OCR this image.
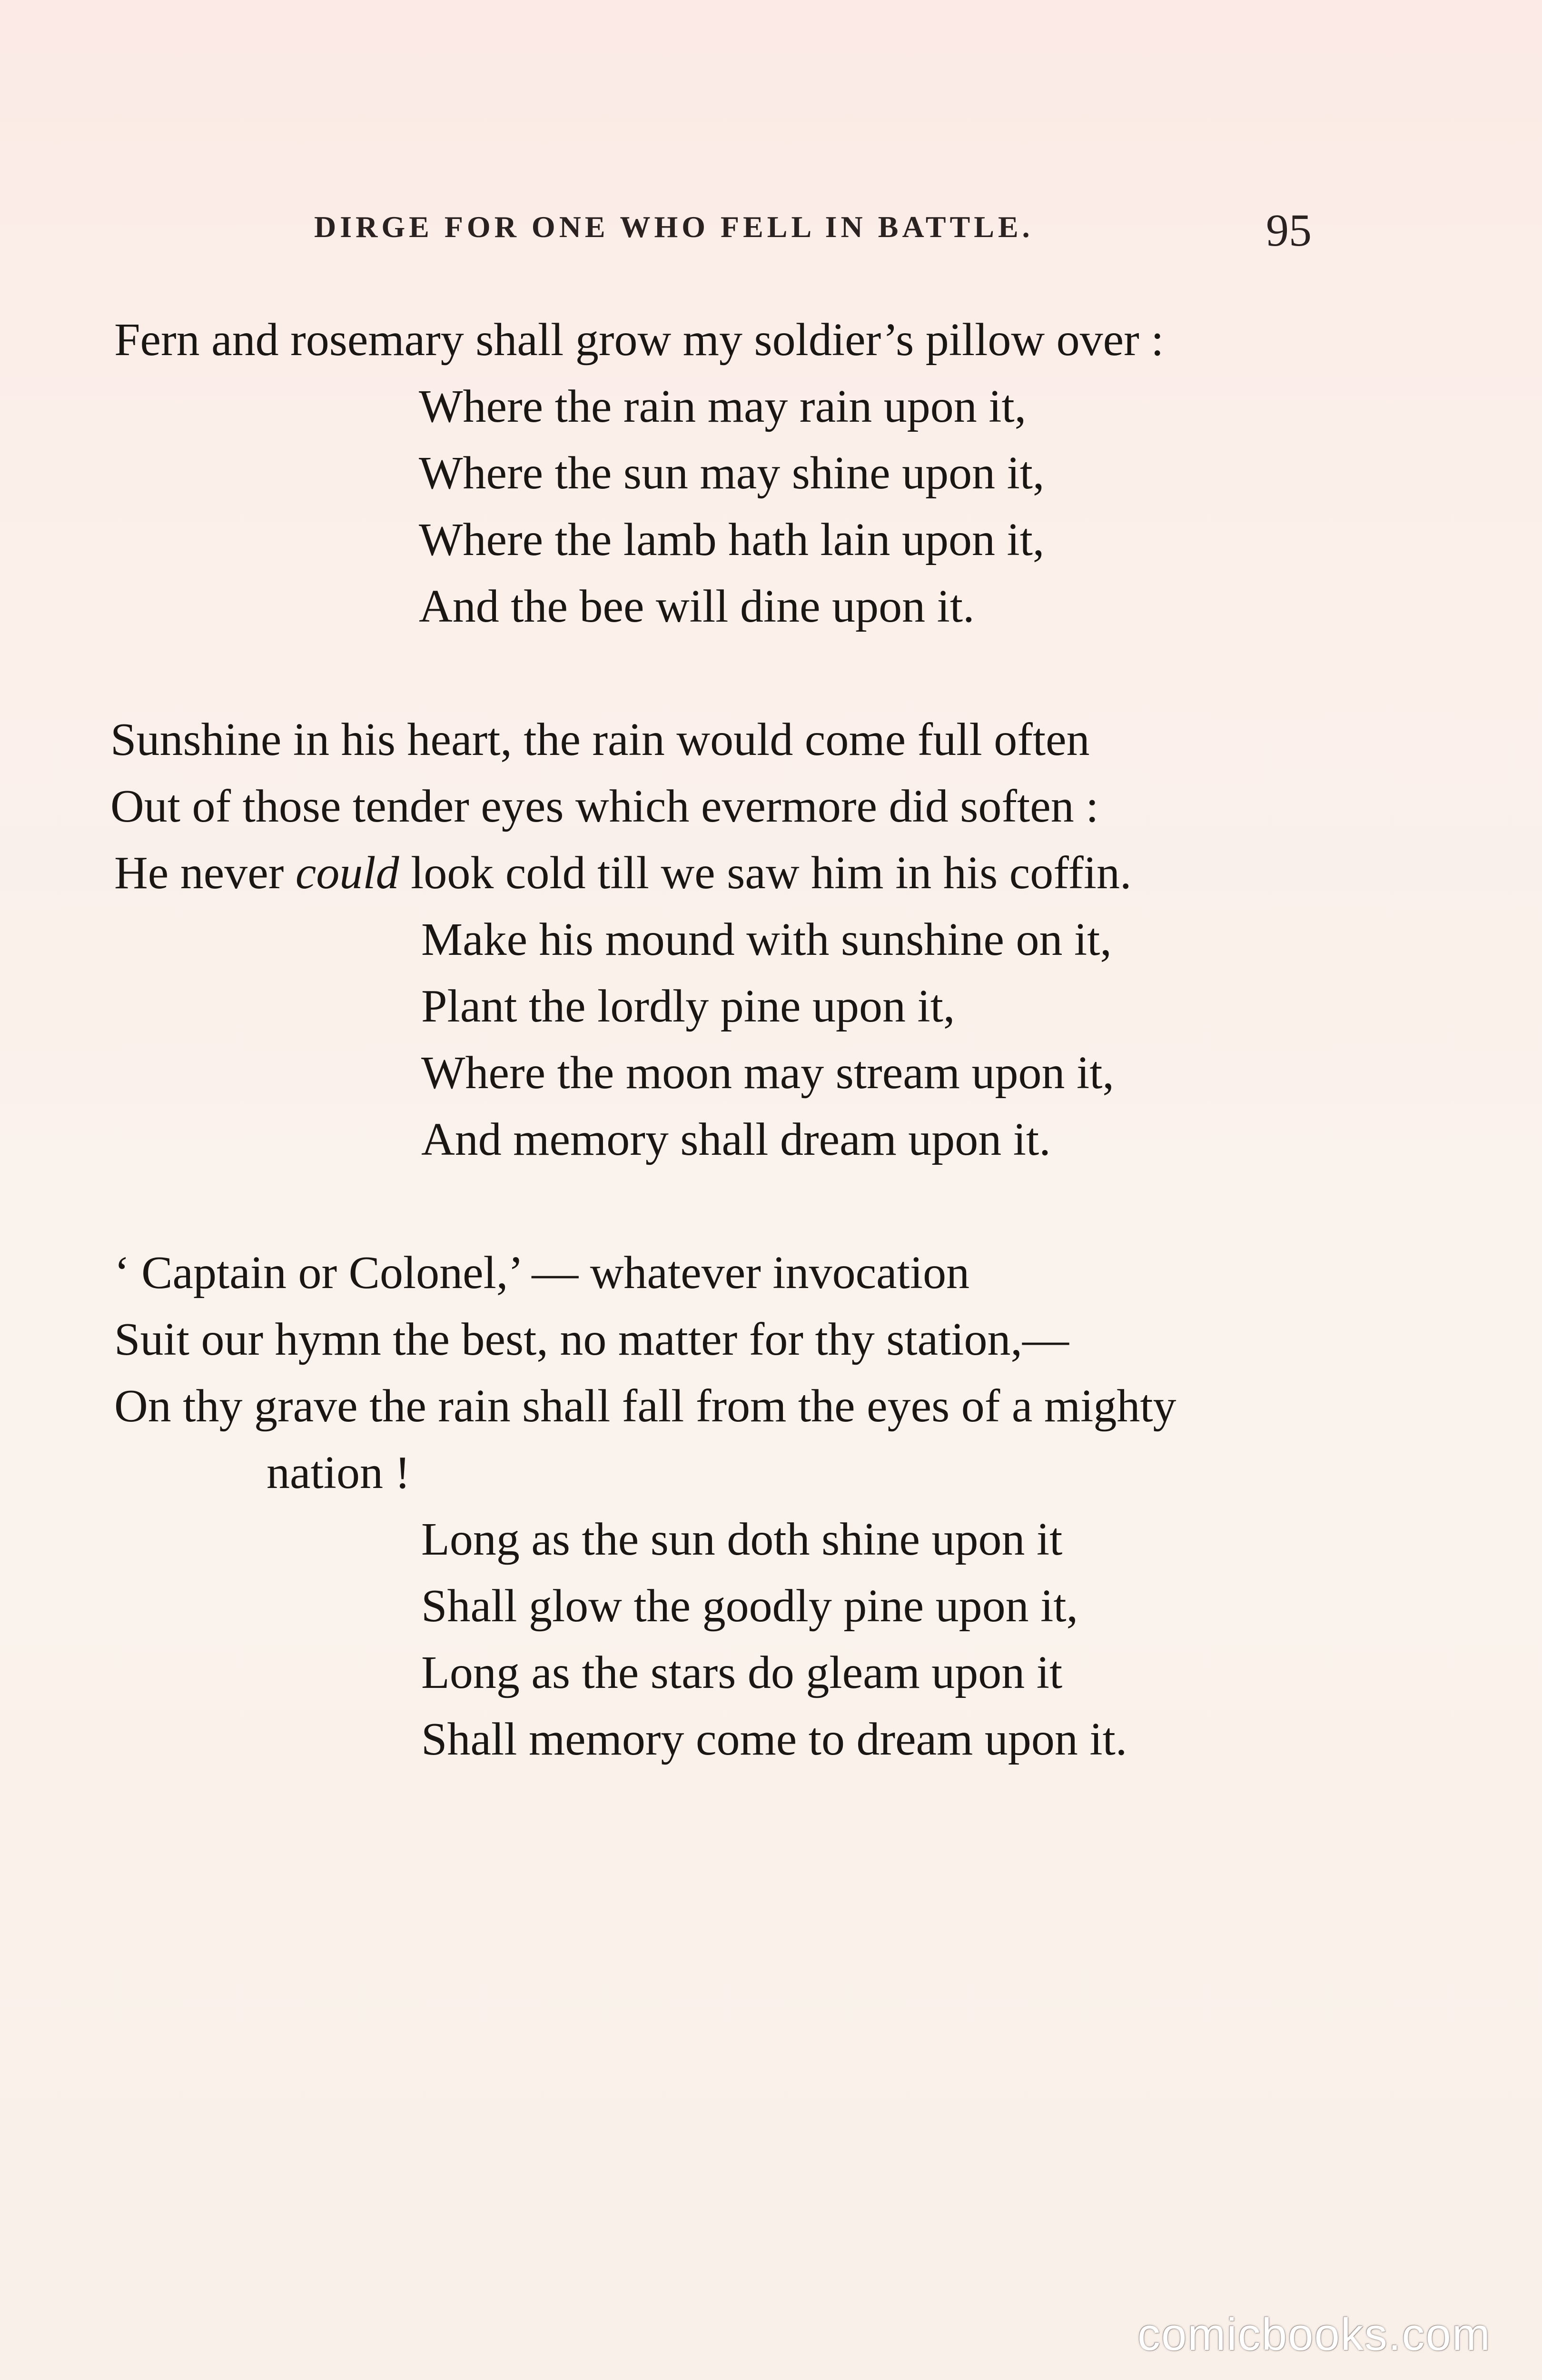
DIRGE FOR ONE WHO FELL IN BATTLE.	95
Fern and rosemary shall grow my soldier’s pillow over :
Where the rain may rain upon it,
Where the sun may shine upon it,
Where the lamb hath lain upon it,
And the bee will dine upon it.
Sunshine in his heart, the rain would come full often
Out of those tender eyes which evermore did soften :
He never could look cold till we saw him in his coffin.
Make his mound with sunshine on it,
Plant the lordly pine upon it,
Where the moon may stream upon it,
And memory shall dream upon it.
‘ Captain or Colonel,’ — whatever invocation
Suit our hymn the best, no matter for thy station,—
On thy grave the rain shall fall from the eyes of a mighty
nation !
Long as the sun doth shine upon it
Shall glow the goodly pine upon it,
Long as the stars do gleam upon it
Shall memory come to dream upon it.
comicbooks.com
